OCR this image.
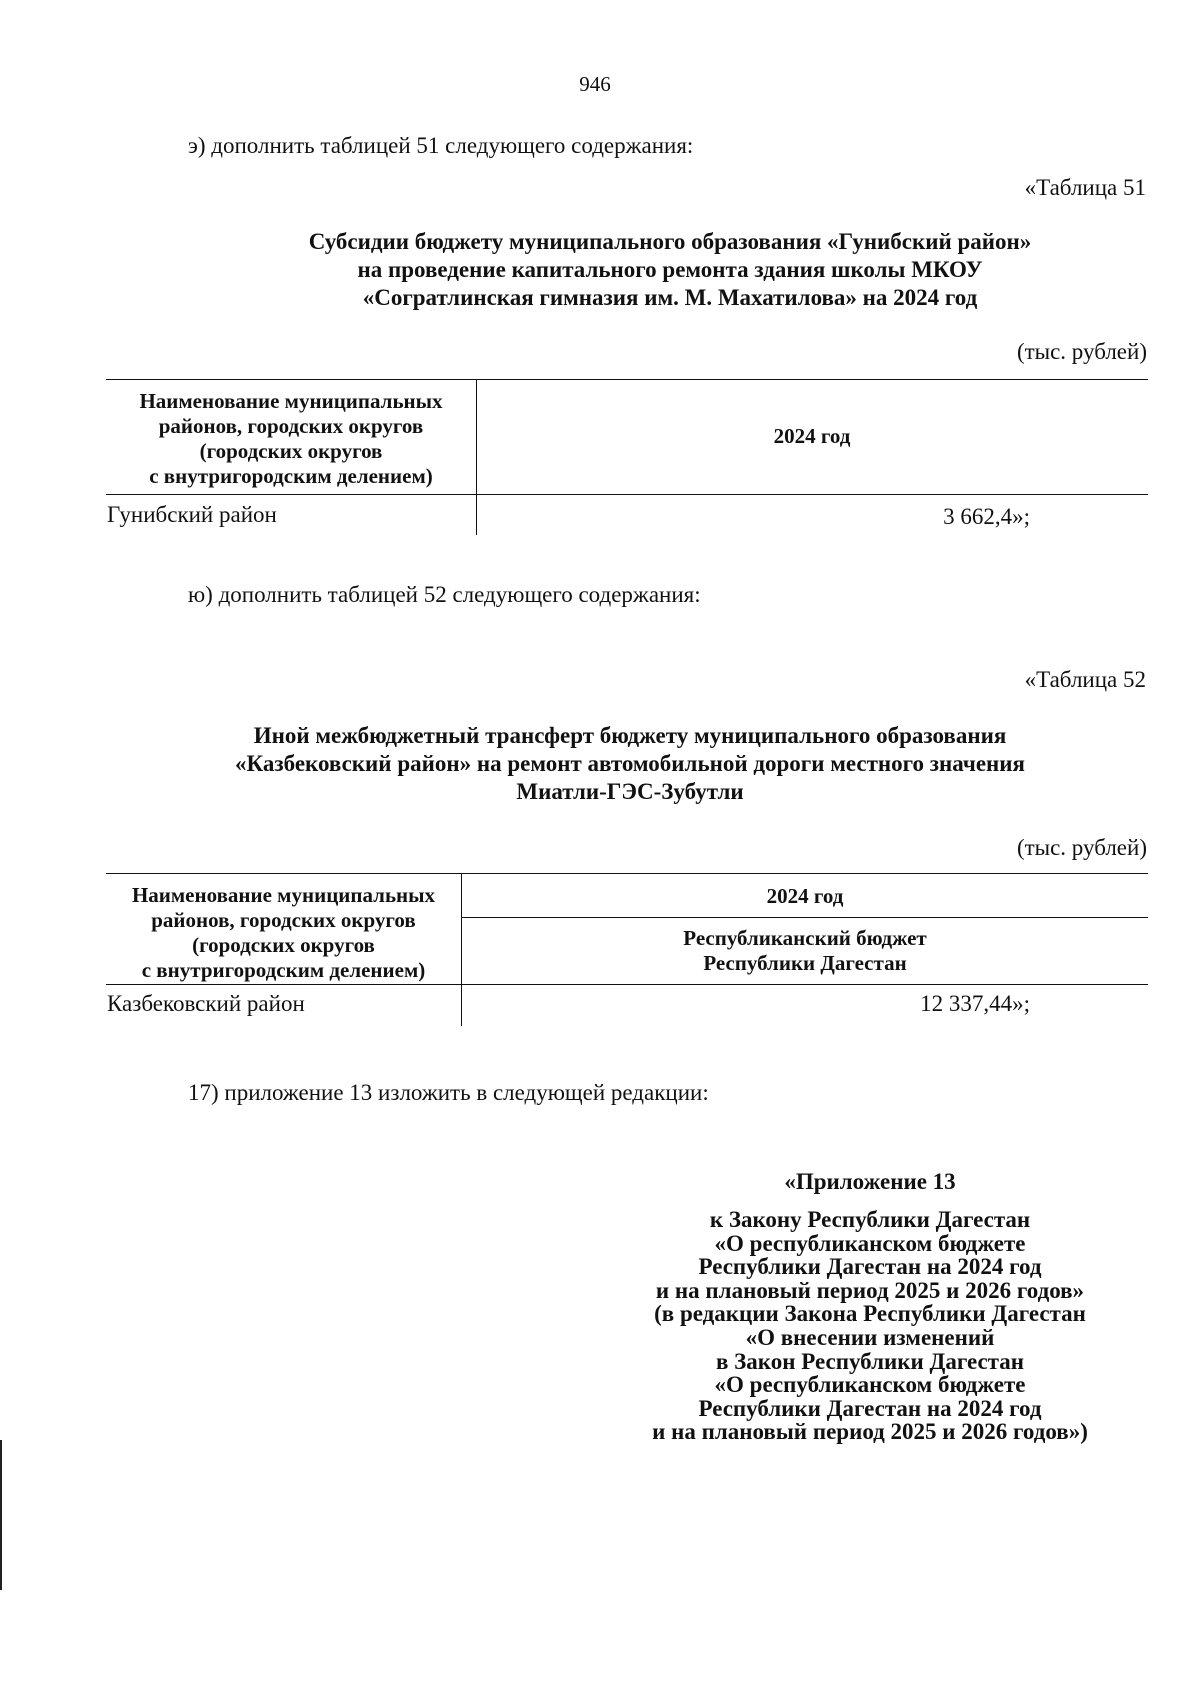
946
э) дополнить таблицей 51 следующего содержания:
«Таблица 51
Субсидии бюджету муниципального образования «Гунибский район»
на проведение капитального ремонта здания школы МКОУ
«Согратлинская гимназия им. М. Махатилова» на 2024 год
(тыс. рублей)
Наименование муниципальных
районов, городских округов
(городских округов
с внутригородским делением)
2024 год
Гунибский район	3 662,4»;
ю) дополнить таблицей 52 следующего содержания:
«Таблица 52
Иной межбюджетный трансферт бюджету муниципального образования
«Казбековский район» на ремонт автомобильной дороги местного значения
Миатли-ГЭС-Зубутли
(тыс. рублей)
Наименование муниципальных
районов, городских округов
(городских округов
с внутригородским делением)
2024 год
Республиканский бюджет
Республики Дагестан
Казбековский район	12 337,44»;
17) приложение 13 изложить в следующей редакции:
«Приложение 13
к Закону Республики Дагестан
«О республиканском бюджете
Республики Дагестан на 2024 год
и на плановый период 2025 и 2026 годов»
(в редакции Закона Республики Дагестан
«О внесении изменений
в Закон Республики Дагестан
«О республиканском бюджете
Республики Дагестан на 2024 год
и на плановый период 2025 и 2026 годов»)
